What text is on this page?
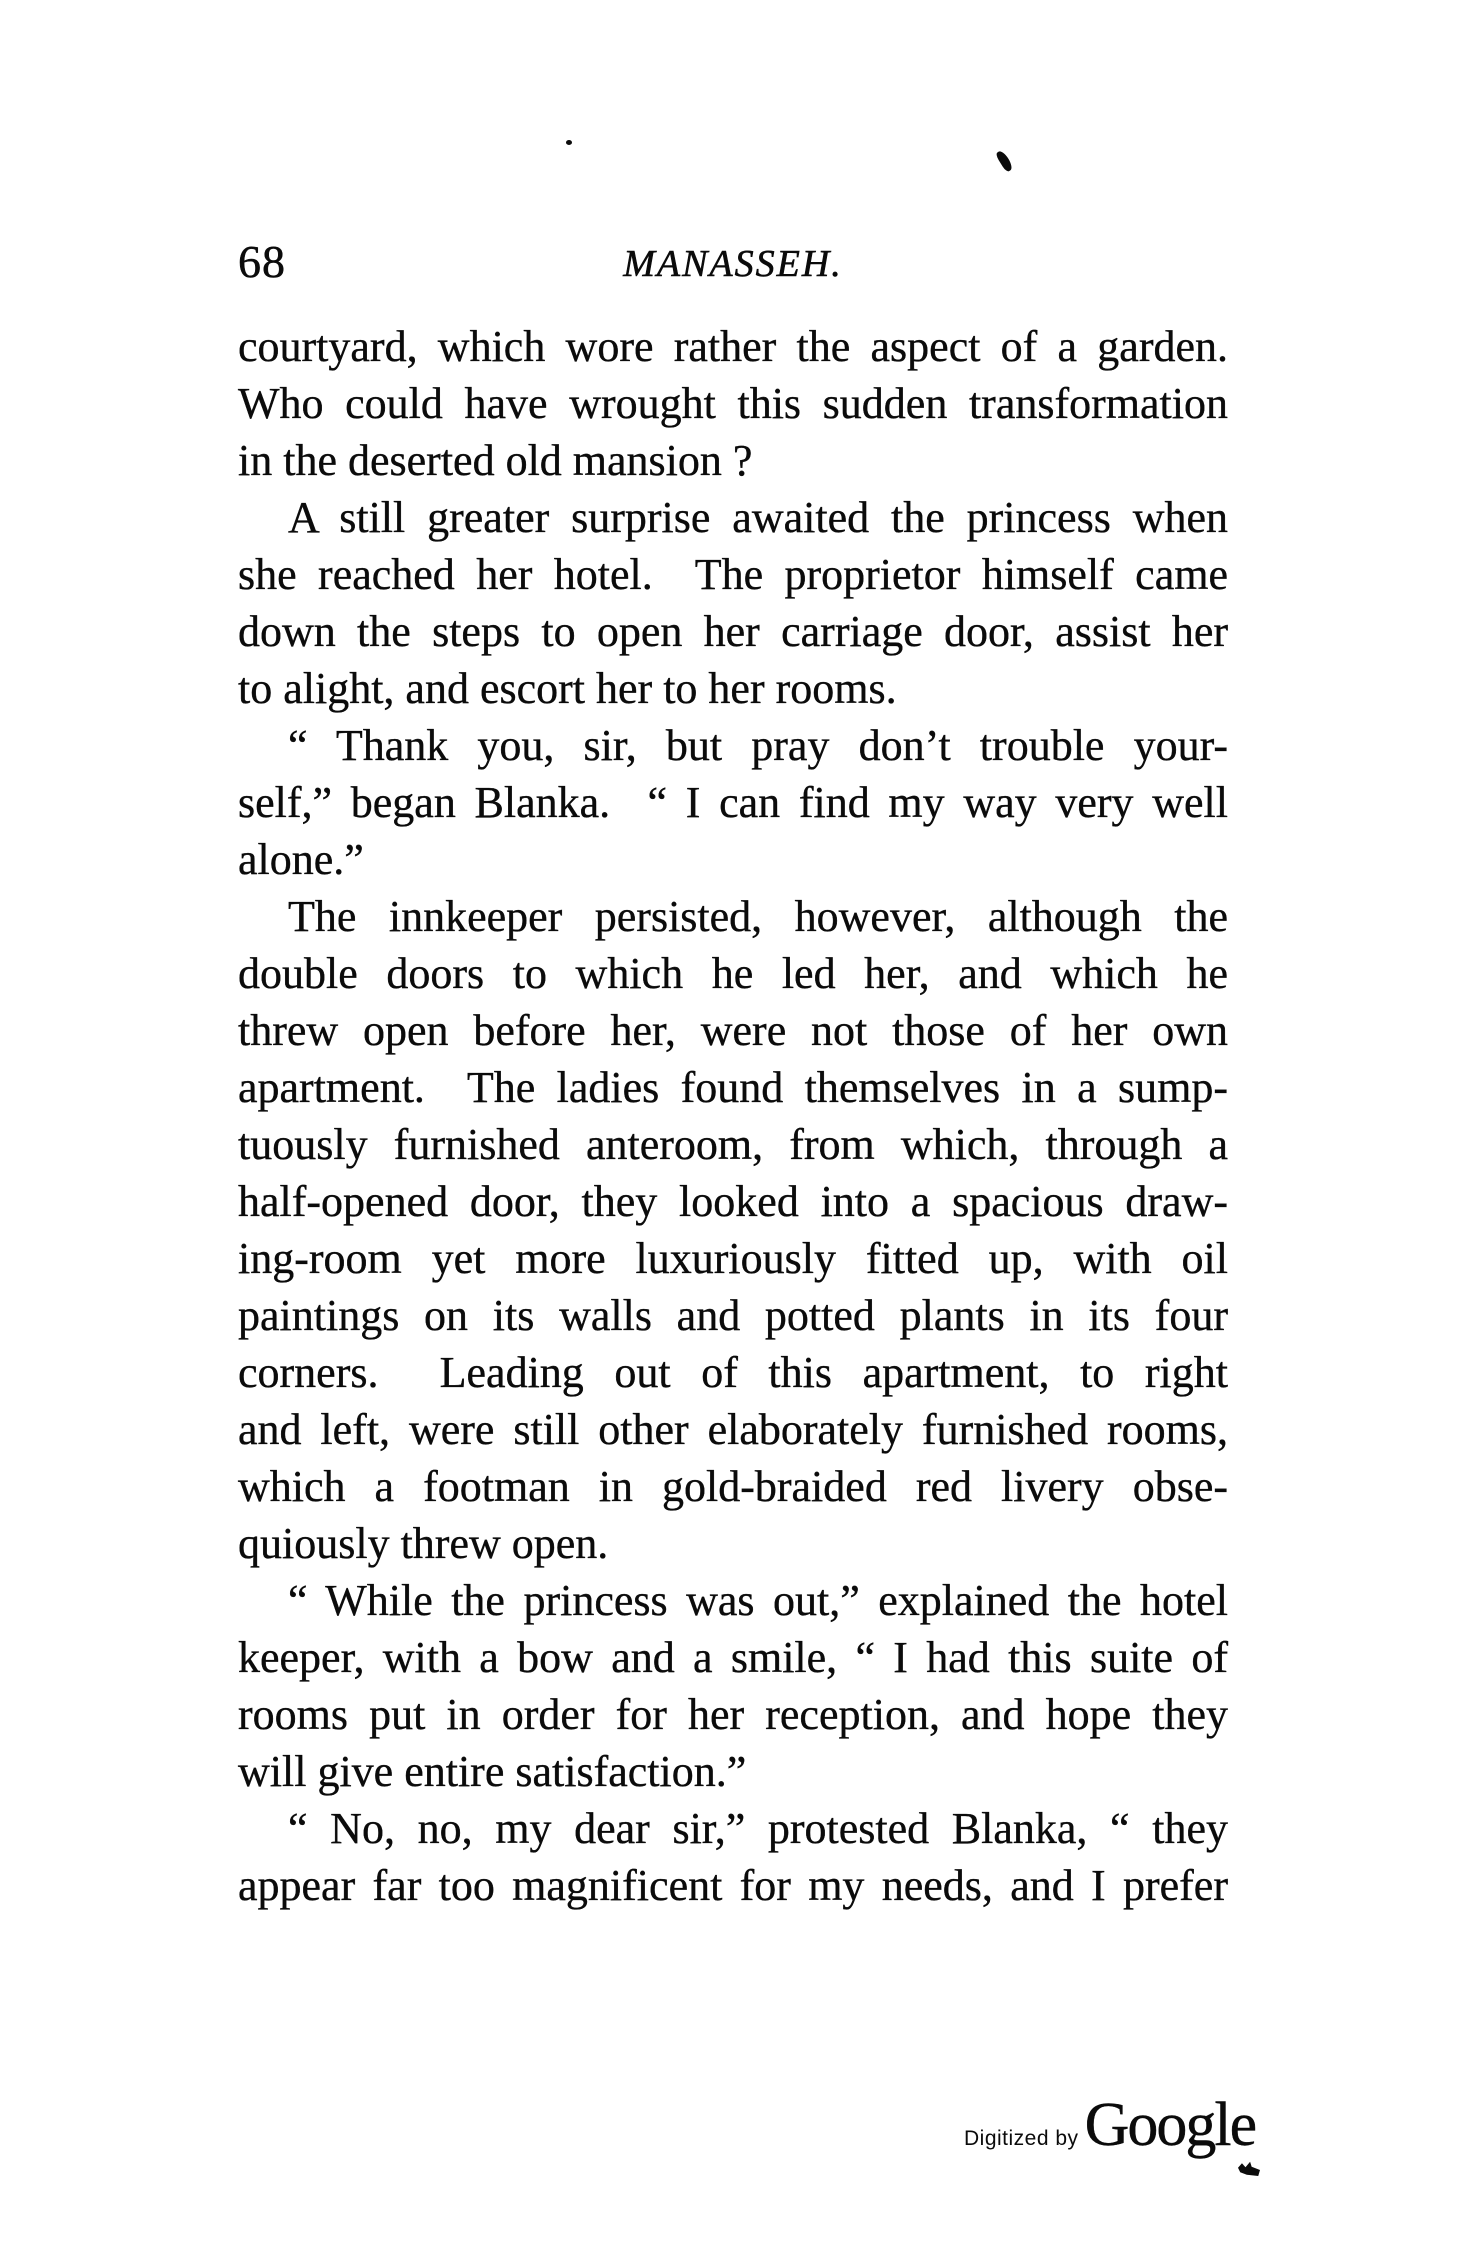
68	MANASSEH.
courtyard, which wore rather the aspect of a garden.
Who could have wrought this sudden transformation
in the deserted old mansion ?
A still greater surprise awaited the princess when
she reached her hotel.  The proprietor himself came
down the steps to open her carriage door, assist her
to alight, and escort her to her rooms.
“ Thank you, sir, but pray don’t trouble your-
self,” began Blanka.  “ I can find my way very well
alone.”
The innkeeper persisted, however, although the
double doors to which he led her, and which he
threw open before her, were not those of her own
apartment.  The ladies found themselves in a sump-
tuously furnished anteroom, from which, through a
half-opened door, they looked into a spacious draw-
ing-room yet more luxuriously fitted up, with oil
paintings on its walls and potted plants in its four
corners.  Leading out of this apartment, to right
and left, were still other elaborately furnished rooms,
which a footman in gold-braided red livery obse-
quiously threw open.
“ While the princess was out,” explained the hotel
keeper, with a bow and a smile, “ I had this suite of
rooms put in order for her reception, and hope they
will give entire satisfaction.”
“ No, no, my dear sir,” protested Blanka, “ they
appear far too magnificent for my needs, and I prefer
Digitized by Google
